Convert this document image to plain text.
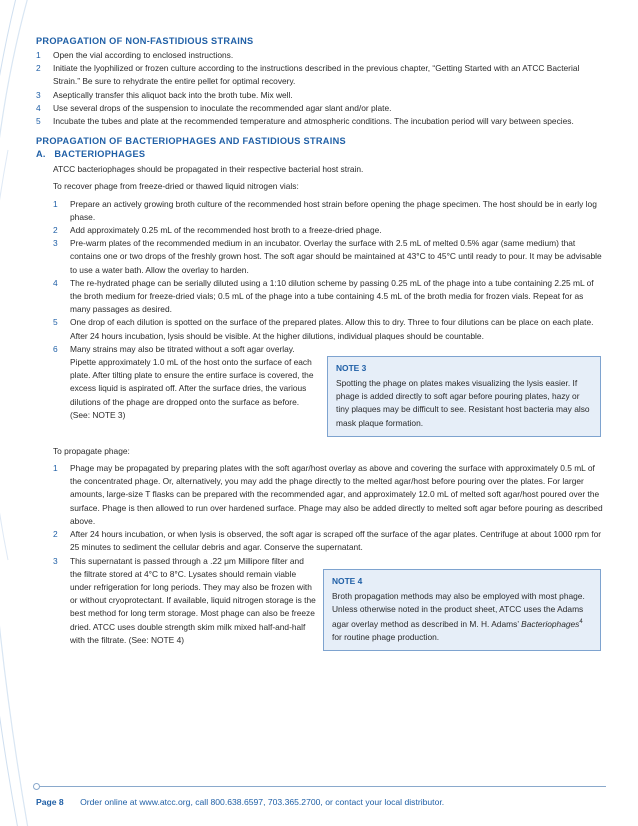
PROPAGATION OF NON-FASTIDIOUS STRAINS
1 Open the vial according to enclosed instructions.
2 Initiate the lyophilized or frozen culture according to the instructions described in the previous chapter, “Getting Started with an ATCC Bacterial Strain.” Be sure to rehydrate the entire pellet for optimal recovery.
3 Aseptically transfer this aliquot back into the broth tube. Mix well.
4 Use several drops of the suspension to inoculate the recommended agar slant and/or plate.
5 Incubate the tubes and plate at the recommended temperature and atmospheric conditions. The incubation period will vary between species.
PROPAGATION OF BACTERIOPHAGES AND FASTIDIOUS STRAINS
A.   BACTERIOPHAGES

ATCC bacteriophages should be propagated in their respective bacterial host strain.

To recover phage from freeze-dried or thawed liquid nitrogen vials:

1 Prepare an actively growing broth culture of the recommended host strain before opening the phage specimen. The host should be in early log phase.
2 Add approximately 0.25 mL of the recommended host broth to a freeze-dried phage.
3 Pre-warm plates of the recommended medium in an incubator. Overlay the surface with 2.5 mL of melted 0.5% agar (same medium) that contains one or two drops of the freshly grown host. The soft agar should be maintained at 43°C to 45°C until ready to pour. It may be advisable to use a water bath. Allow the overlay to harden.
4 The re-hydrated phage can be serially diluted using a 1:10 dilution scheme by passing 0.25 mL of the phage into a tube containing 2.25 mL of the broth medium for freeze-dried vials; 0.5 mL of the phage into a tube containing 4.5 mL of the broth media for frozen vials. Repeat for as many passages as desired.
5 One drop of each dilution is spotted on the surface of the prepared plates. Allow this to dry. Three to four dilutions can be place on each plate. After 24 hours incubation, lysis should be visible. At the higher dilutions, individual plaques should be countable.
6 Many strains may also be titrated without a soft agar overlay. Pipette approximately 1.0 mL of the host onto the surface of each plate. After tilting plate to ensure the entire surface is covered, the excess liquid is aspirated off. After the surface dries, the various dilutions of the phage are dropped onto the surface as before. (See: NOTE 3)
NOTE 3
Spotting the phage on plates makes visualizing the lysis easier. If phage is added directly to soft agar before pouring plates, hazy or tiny plaques may be difficult to see. Resistant host bacteria may also mask plaque formation.

To propagate phage:

1 Phage may be propagated by preparing plates with the soft agar/host overlay as above and covering the surface with approximately 0.5 mL of the concentrated phage. Or, alternatively, you may add the phage directly to the melted agar/host before pouring over the plates. For larger amounts, large-size T flasks can be prepared with the recommended agar, and approximately 12.0 mL of melted soft agar/host poured over the surface. Phage is then allowed to run over hardened surface. Phage may also be added directly to melted soft agar before pouring as described above.
2 After 24 hours incubation, or when lysis is observed, the soft agar is scraped off the surface of the agar plates. Centrifuge at about 1000 rpm for 25 minutes to sediment the cellular debris and agar. Conserve the supernatant.
3 This supernatant is passed through a .22 μm Millipore filter and the filtrate stored at 4°C to 8°C. Lysates should remain viable under refrigeration for long periods. They may also be frozen with or without cryoprotectant. If available, liquid nitrogen storage is the best method for long term storage. Most phage can also be freeze dried. ATCC uses double strength skim milk mixed half-and-half with the filtrate. (See: NOTE 4)
NOTE 4
Broth propagation methods may also be employed with most phage. Unless otherwise noted in the product sheet, ATCC uses the Adams agar overlay method as described in M. H. Adams’ Bacteriophages$^4$ for routine phage production.
Page 8 Order online at www.atcc.org, call 800.638.6597, 703.365.2700, or contact your local distributor.
